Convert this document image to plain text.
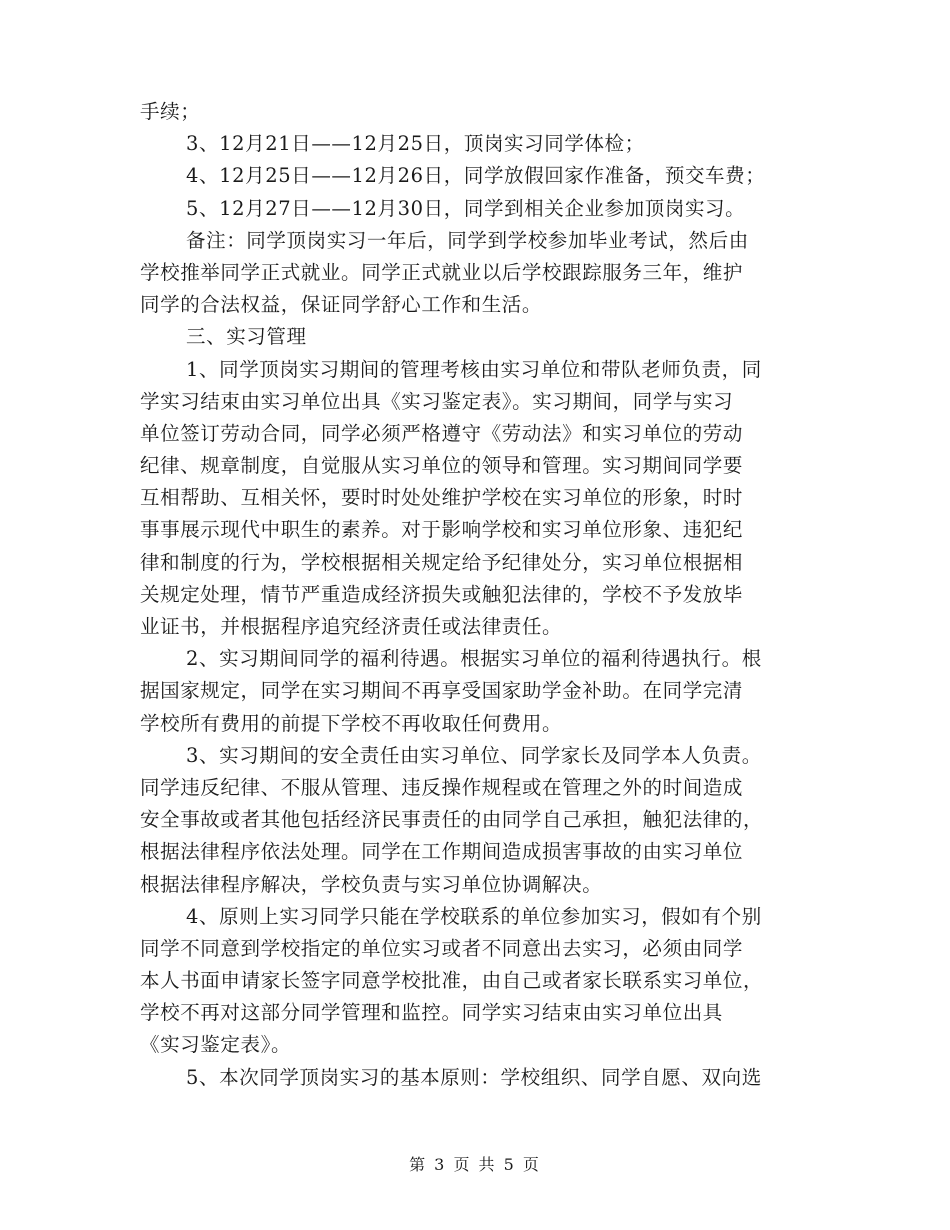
手续；
3、12月21日——12月25日，顶岗实习同学体检；
4、12月25日——12月26日，同学放假回家作准备，预交车费；
5、12月27日——12月30日，同学到相关企业参加顶岗实习。
备注：同学顶岗实习一年后，同学到学校参加毕业考试，然后由
学校推举同学正式就业。同学正式就业以后学校跟踪服务三年，维护
同学的合法权益，保证同学舒心工作和生活。
三、实习管理
1、同学顶岗实习期间的管理考核由实习单位和带队老师负责，同
学实习结束由实习单位出具《实习鉴定表》。实习期间，同学与实习
单位签订劳动合同，同学必须严格遵守《劳动法》和实习单位的劳动
纪律、规章制度，自觉服从实习单位的领导和管理。实习期间同学要
互相帮助、互相关怀，要时时处处维护学校在实习单位的形象，时时
事事展示现代中职生的素养。对于影响学校和实习单位形象、违犯纪
律和制度的行为，学校根据相关规定给予纪律处分，实习单位根据相
关规定处理，情节严重造成经济损失或触犯法律的，学校不予发放毕
业证书，并根据程序追究经济责任或法律责任。
2、实习期间同学的福利待遇。根据实习单位的福利待遇执行。根
据国家规定，同学在实习期间不再享受国家助学金补助。在同学完清
学校所有费用的前提下学校不再收取任何费用。
3、实习期间的安全责任由实习单位、同学家长及同学本人负责。
同学违反纪律、不服从管理、违反操作规程或在管理之外的时间造成
安全事故或者其他包括经济民事责任的由同学自己承担，触犯法律的，
根据法律程序依法处理。同学在工作期间造成损害事故的由实习单位
根据法律程序解决，学校负责与实习单位协调解决。
4、原则上实习同学只能在学校联系的单位参加实习，假如有个别
同学不同意到学校指定的单位实习或者不同意出去实习，必须由同学
本人书面申请家长签字同意学校批准，由自己或者家长联系实习单位，
学校不再对这部分同学管理和监控。同学实习结束由实习单位出具
《实习鉴定表》。
5、本次同学顶岗实习的基本原则：学校组织、同学自愿、双向选
第 3 页 共 5 页
